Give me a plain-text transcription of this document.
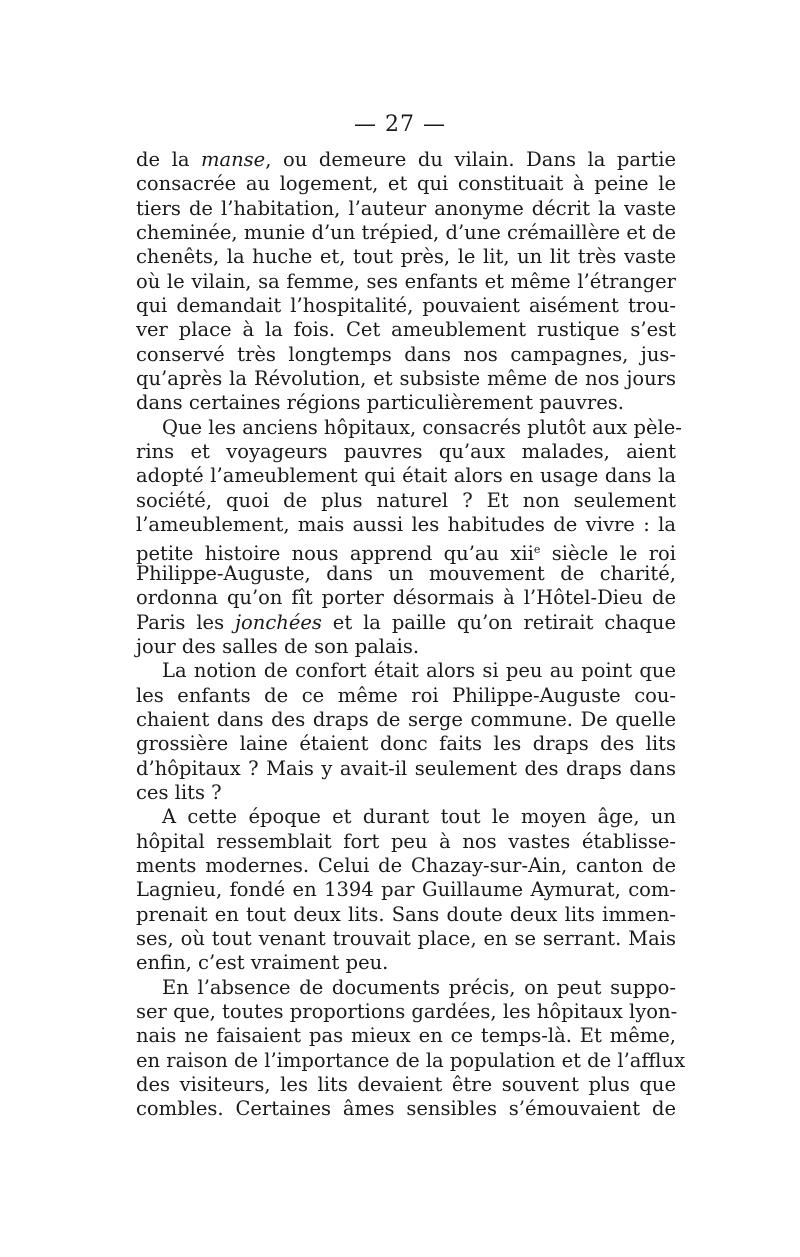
— 27 —
de la manse, ou demeure du vilain. Dans la partie
consacrée au logement, et qui constituait à peine le
tiers de l’habitation, l’auteur anonyme décrit la vaste
cheminée, munie d’un trépied, d’une crémaillère et de
chenêts, la huche et, tout près, le lit, un lit très vaste
où le vilain, sa femme, ses enfants et même l’étranger
qui demandait l’hospitalité, pouvaient aisément trou-
ver place à la fois. Cet ameublement rustique s’est
conservé très longtemps dans nos campagnes, jus-
qu’après la Révolution, et subsiste même de nos jours
dans certaines régions particulièrement pauvres.
Que les anciens hôpitaux, consacrés plutôt aux pèle-
rins et voyageurs pauvres qu’aux malades, aient
adopté l’ameublement qui était alors en usage dans la
société, quoi de plus naturel ? Et non seulement
l’ameublement, mais aussi les habitudes de vivre : la
petite histoire nous apprend qu’au xii$^e$ siècle le roi
Philippe-Auguste, dans un mouvement de charité,
ordonna qu’on fît porter désormais à l’Hôtel-Dieu de
Paris les jonchées et la paille qu’on retirait chaque
jour des salles de son palais.
La notion de confort était alors si peu au point que
les enfants de ce même roi Philippe-Auguste cou-
chaient dans des draps de serge commune. De quelle
grossière laine étaient donc faits les draps des lits
d’hôpitaux ? Mais y avait-il seulement des draps dans
ces lits ?
A cette époque et durant tout le moyen âge, un
hôpital ressemblait fort peu à nos vastes établisse-
ments modernes. Celui de Chazay-sur-Ain, canton de
Lagnieu, fondé en 1394 par Guillaume Aymurat, com-
prenait en tout deux lits. Sans doute deux lits immen-
ses, où tout venant trouvait place, en se serrant. Mais
enfin, c’est vraiment peu.
En l’absence de documents précis, on peut suppo-
ser que, toutes proportions gardées, les hôpitaux lyon-
nais ne faisaient pas mieux en ce temps-là. Et même,
en raison de l’importance de la population et de l’afflux
des visiteurs, les lits devaient être souvent plus que
combles. Certaines âmes sensibles s’émouvaient de
